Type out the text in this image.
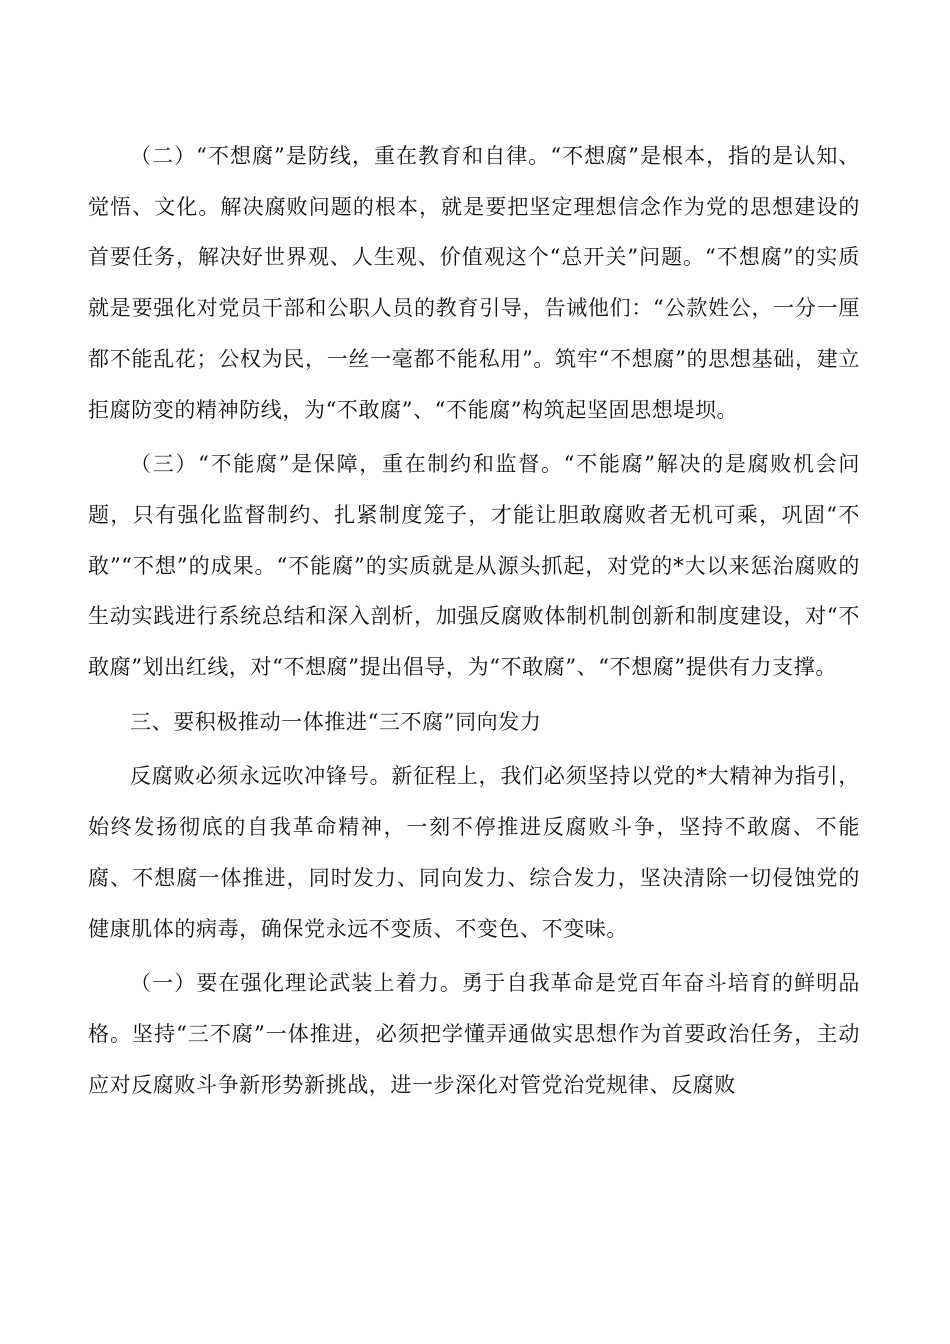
（二）“不想腐”是防线，重在教育和自律。“不想腐”是根本，指的是认知、觉悟、文化。解决腐败问题的根本，就是要把坚定理想信念作为党的思想建设的首要任务，解决好世界观、人生观、价值观这个“总开关”问题。“不想腐”的实质就是要强化对党员干部和公职人员的教育引导，告诫他们：“公款姓公，一分一厘都不能乱花；公权为民，一丝一毫都不能私用”。筑牢“不想腐”的思想基础，建立拒腐防变的精神防线，为“不敢腐”、“不能腐”构筑起坚固思想堤坝。

（三）“不能腐”是保障，重在制约和监督。“不能腐”解决的是腐败机会问题，只有强化监督制约、扎紧制度笼子，才能让胆敢腐败者无机可乘，巩固“不敢”“不想”的成果。“不能腐”的实质就是从源头抓起，对党的*大以来惩治腐败的生动实践进行系统总结和深入剖析，加强反腐败体制机制创新和制度建设，对“不敢腐”划出红线，对“不想腐”提出倡导，为“不敢腐”、“不想腐”提供有力支撑。

三、要积极推动一体推进“三不腐”同向发力

反腐败必须永远吹冲锋号。新征程上，我们必须坚持以党的*大精神为指引，始终发扬彻底的自我革命精神，一刻不停推进反腐败斗争，坚持不敢腐、不能腐、不想腐一体推进，同时发力、同向发力、综合发力，坚决清除一切侵蚀党的健康肌体的病毒，确保党永远不变质、不变色、不变味。

（一）要在强化理论武装上着力。勇于自我革命是党百年奋斗培育的鲜明品格。坚持“三不腐”一体推进，必须把学懂弄通做实思想作为首要政治任务，主动应对反腐败斗争新形势新挑战，进一步深化对管党治党规律、反腐败
